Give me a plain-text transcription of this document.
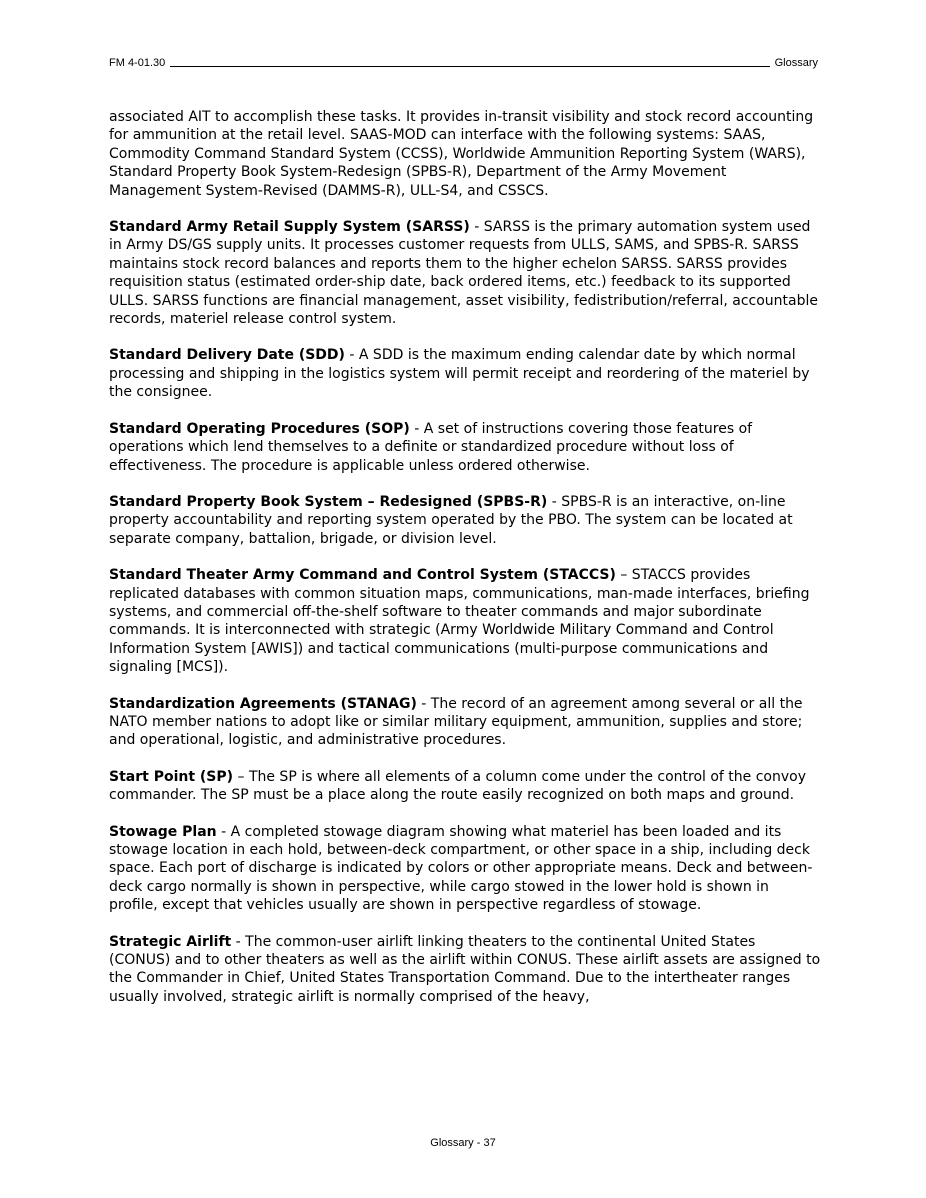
FM 4-01.30	Glossary

associated AIT to accomplish these tasks. It provides in-transit visibility and stock record accounting for ammunition at the retail level. SAAS-MOD can interface with the following systems: SAAS, Commodity Command Standard System (CCSS), Worldwide Ammunition Reporting System (WARS), Standard Property Book System-Redesign (SPBS-R), Department of the Army Movement Management System-Revised (DAMMS-R), ULL-S4, and CSSCS.

Standard Army Retail Supply System (SARSS) - SARSS is the primary automation system used in Army DS/GS supply units. It processes customer requests from ULLS, SAMS, and SPBS-R. SARSS maintains stock record balances and reports them to the higher echelon SARSS. SARSS provides requisition status (estimated order-ship date, back ordered items, etc.) feedback to its supported ULLS. SARSS functions are financial management, asset visibility, fedistribution/referral, accountable records, materiel release control system.

Standard Delivery Date (SDD) - A SDD is the maximum ending calendar date by which normal processing and shipping in the logistics system will permit receipt and reordering of the materiel by the consignee.

Standard Operating Procedures (SOP) - A set of instructions covering those features of operations which lend themselves to a definite or standardized procedure without loss of effectiveness. The procedure is applicable unless ordered otherwise.

Standard Property Book System – Redesigned (SPBS-R) - SPBS-R is an interactive, on-line property accountability and reporting system operated by the PBO. The system can be located at separate company, battalion, brigade, or division level.

Standard Theater Army Command and Control System (STACCS) – STACCS provides replicated databases with common situation maps, communications, man-made interfaces, briefing systems, and commercial off-the-shelf software to theater commands and major subordinate commands. It is interconnected with strategic (Army Worldwide Military Command and Control Information System [AWIS]) and tactical communications (multi-purpose communications and signaling [MCS]).

Standardization Agreements (STANAG) - The record of an agreement among several or all the NATO member nations to adopt like or similar military equipment, ammunition, supplies and store; and operational, logistic, and administrative procedures.

Start Point (SP) – The SP is where all elements of a column come under the control of the convoy commander. The SP must be a place along the route easily recognized on both maps and ground.

Stowage Plan - A completed stowage diagram showing what materiel has been loaded and its stowage location in each hold, between-deck compartment, or other space in a ship, including deck space. Each port of discharge is indicated by colors or other appropriate means. Deck and between-deck cargo normally is shown in perspective, while cargo stowed in the lower hold is shown in profile, except that vehicles usually are shown in perspective regardless of stowage.

Strategic Airlift - The common-user airlift linking theaters to the continental United States (CONUS) and to other theaters as well as the airlift within CONUS. These airlift assets are assigned to the Commander in Chief, United States Transportation Command. Due to the intertheater ranges usually involved, strategic airlift is normally comprised of the heavy,

Glossary - 37
